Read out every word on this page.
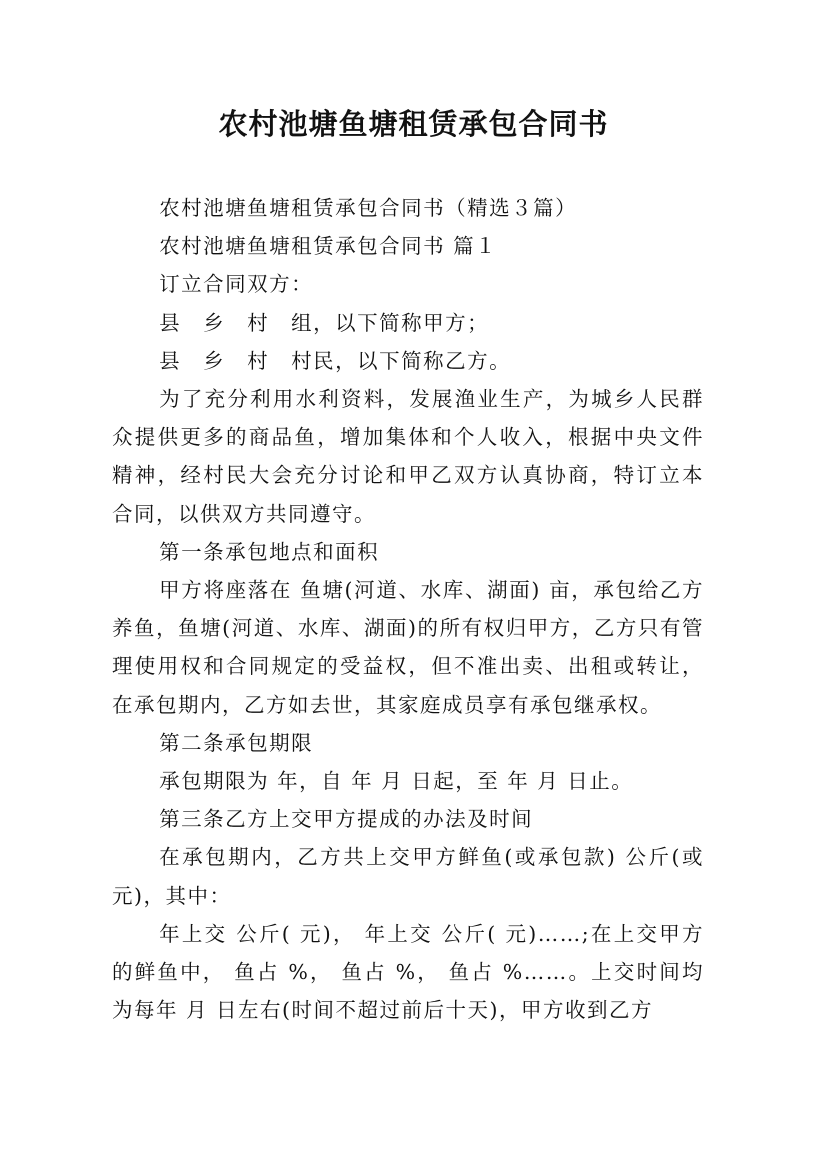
农村池塘鱼塘租赁承包合同书

农村池塘鱼塘租赁承包合同书（精选３篇）

农村池塘鱼塘租赁承包合同书 篇１

订立合同双方：

县　乡　村　组，以下简称甲方；

县　乡　村　村民，以下简称乙方。

为了充分利用水利资料，发展渔业生产，为城乡人民群众提供更多的商品鱼，增加集体和个人收入，根据中央文件精神，经村民大会充分讨论和甲乙双方认真协商，特订立本合同，以供双方共同遵守。

第一条承包地点和面积

甲方将座落在 鱼塘(河道、水库、湖面) 亩，承包给乙方养鱼，鱼塘(河道、水库、湖面)的所有权归甲方，乙方只有管理使用权和合同规定的受益权，但不准出卖、出租或转让，在承包期内，乙方如去世，其家庭成员享有承包继承权。

第二条承包期限

承包期限为 年，自 年 月 日起，至 年 月 日止。

第三条乙方上交甲方提成的办法及时间

在承包期内，乙方共上交甲方鲜鱼(或承包款) 公斤(或元)，其中：

年上交 公斤( 元)， 年上交 公斤( 元)……;在上交甲方的鲜鱼中， 鱼占 %， 鱼占 %， 鱼占 %……。上交时间均为每年 月 日左右(时间不超过前后十天)，甲方收到乙方
